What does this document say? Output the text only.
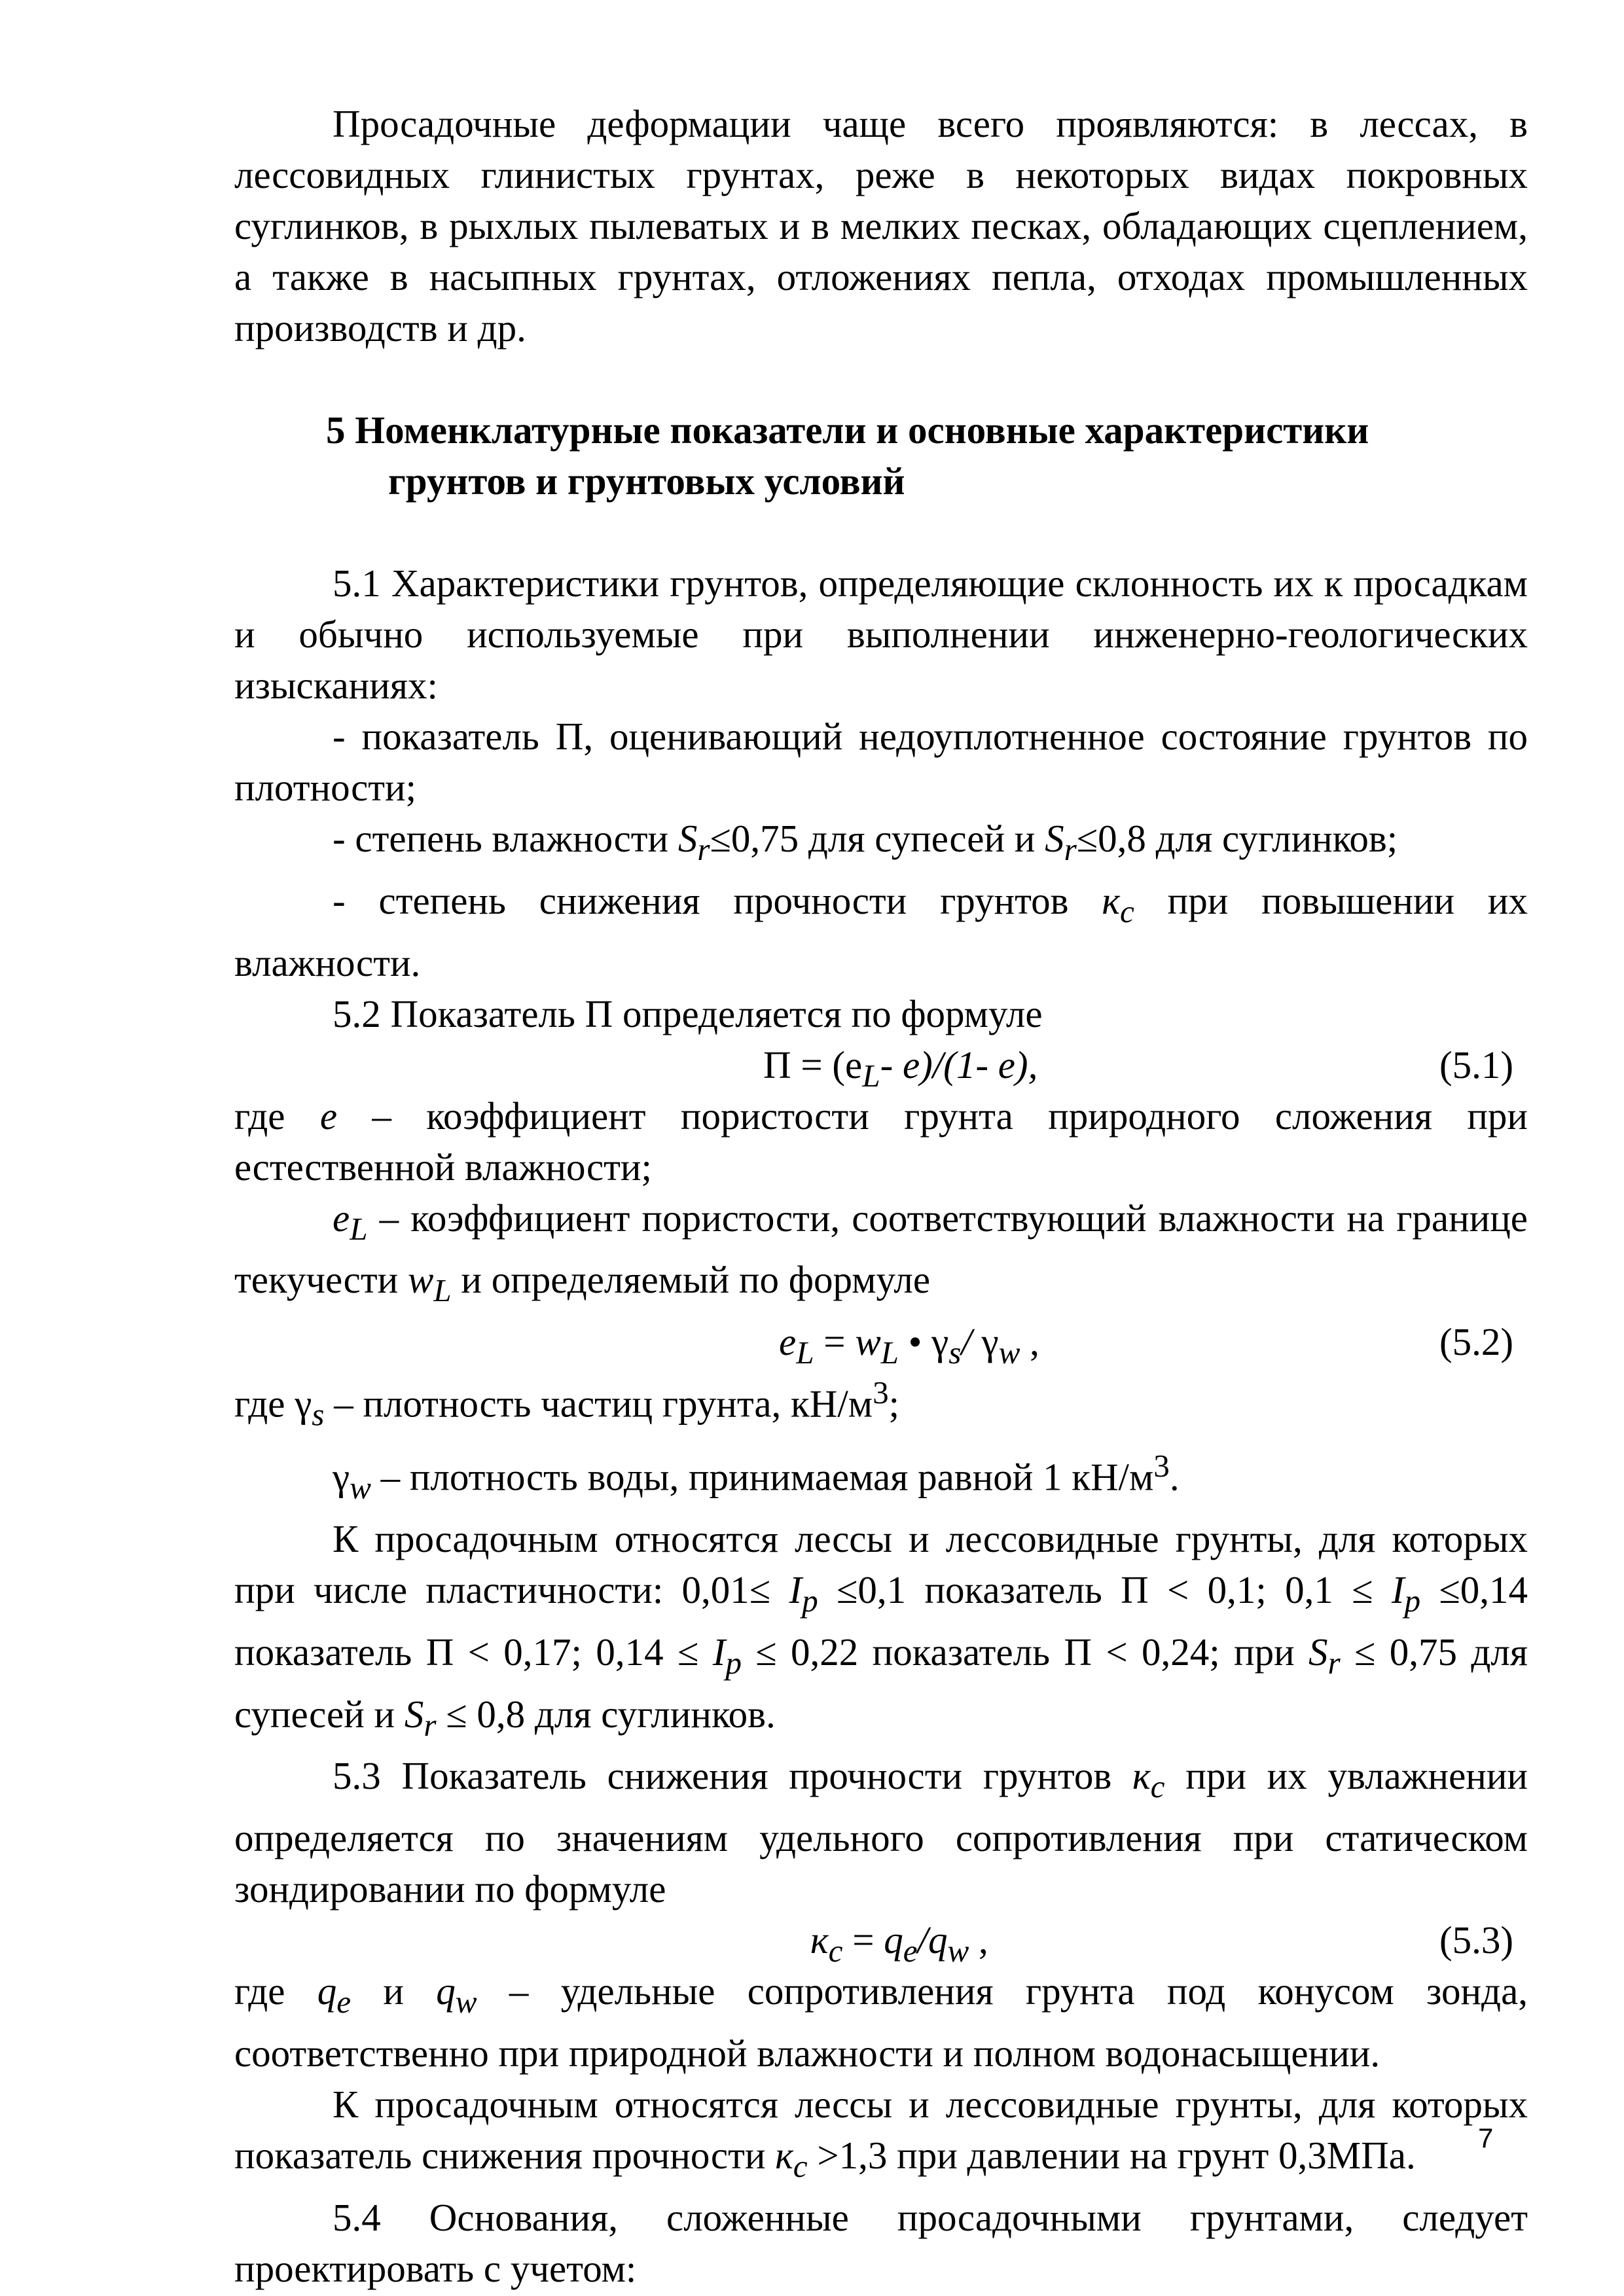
Просадочные деформации чаще всего проявляются: в лессах, в лессовидных глинистых грунтах, реже в некоторых видах покровных суглинков, в рыхлых пылеватых и в мелких песках, обладающих сцеплением, а также в насыпных грунтах, отложениях пепла, отходах промышленных производств и др.

5 Номенклатурные показатели и основные характеристики

грунтов и грунтовых условий

5.1 Характеристики грунтов, определяющие склонность их к просадкам и обычно используемые при выполнении инженерно-геологических изысканиях:

- показатель П, оценивающий недоуплотненное состояние грунтов по плотности;

- степень влажности $S_r\le 0,75$ для супесей и $S_r\le 0,8$ для суглинков;

- степень снижения прочности грунтов $к_c$ при повышении их влажности.

5.2 Показатель П определяется по формуле

$П = (e_L-$ e)/(1- e),	(5.1)

где e – коэффициент пористости грунта природного сложения при естественной влажности;

$e_L$ – коэффициент пористости, соответствующий влажности на границе текучести $w_L$ и определяемый по формуле

$e_L = w_L$ • $\gamma_s/$ $\gamma_w$ ,	(5.2)

где $\gamma_s$ – плотность частиц грунта, $кН/м^3$;

$\gamma_w$ – плотность воды, принимаемая равной 1 $кН/м^3$.

К просадочным относятся лессы и лессовидные грунты, для которых при числе пластичности: $0,01\le I_p \le 0,1$ показатель П < 0,1; $0,1 \le I_p \le 0,14$ показатель П < 0,17; $0,14 \le I_p \le 0,22$ показатель П < 0,24; при $S_r \le 0,75$ для супесей и $S_r \le 0,8$ для суглинков.

5.3 Показатель снижения прочности грунтов $к_c$ при их увлажнении определяется по значениям удельного сопротивления при статическом зондировании по формуле

$к_c = q_e/q_w$ ,	(5.3)

где $q_e$ и $q_w$ – удельные сопротивления грунта под конусом зонда, соответственно при природной влажности и полном водонасыщении.

К просадочным относятся лессы и лессовидные грунты, для которых показатель снижения прочности $к_c >1,3$ при давлении на грунт 0,3МПа.

5.4 Основания, сложенные просадочными грунтами, следует проектировать с учетом:

7
